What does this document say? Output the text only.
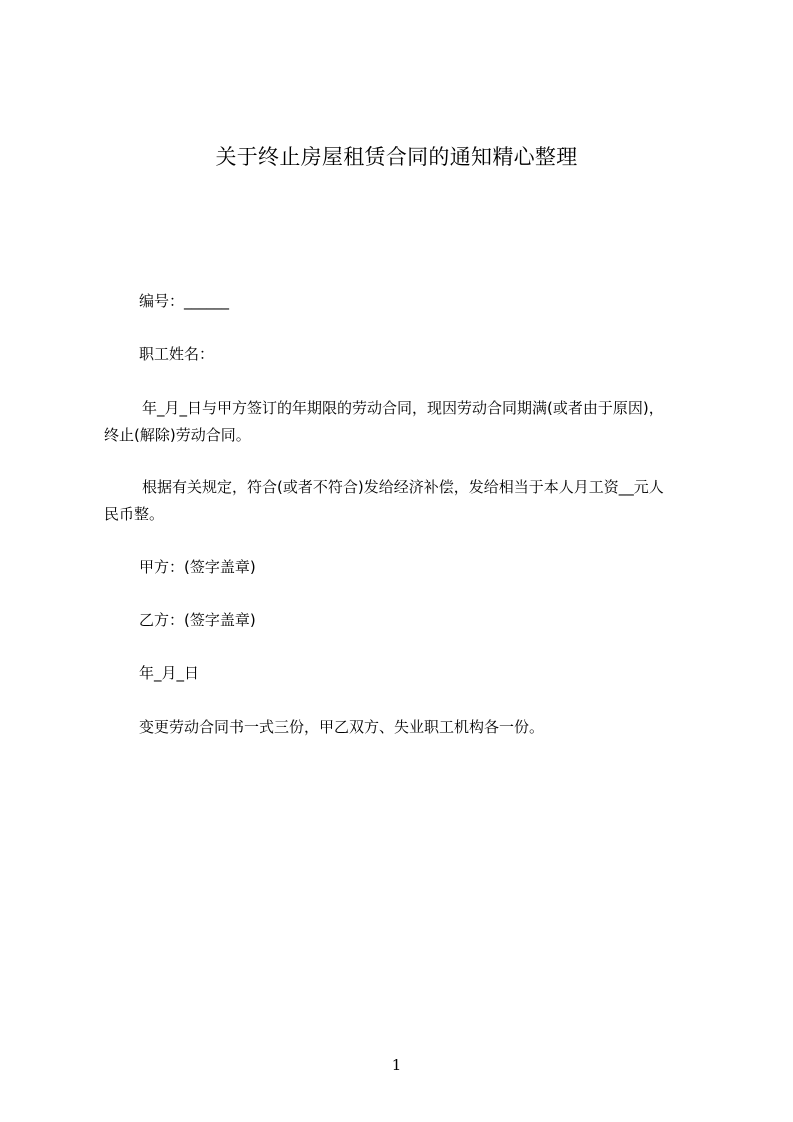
关于终止房屋租赁合同的通知精心整理

编号：______

职工姓名：

年_月_日与甲方签订的年期限的劳动合同，现因劳动合同期满(或者由于原因)，
终止(解除)劳动合同。
根据有关规定，符合(或者不符合)发给经济补偿，发给相当于本人月工资__元人
民币整。

甲方：(签字盖章)

乙方：(签字盖章)

年_月_日

变更劳动合同书一式三份，甲乙双方、失业职工机构各一份。

1
